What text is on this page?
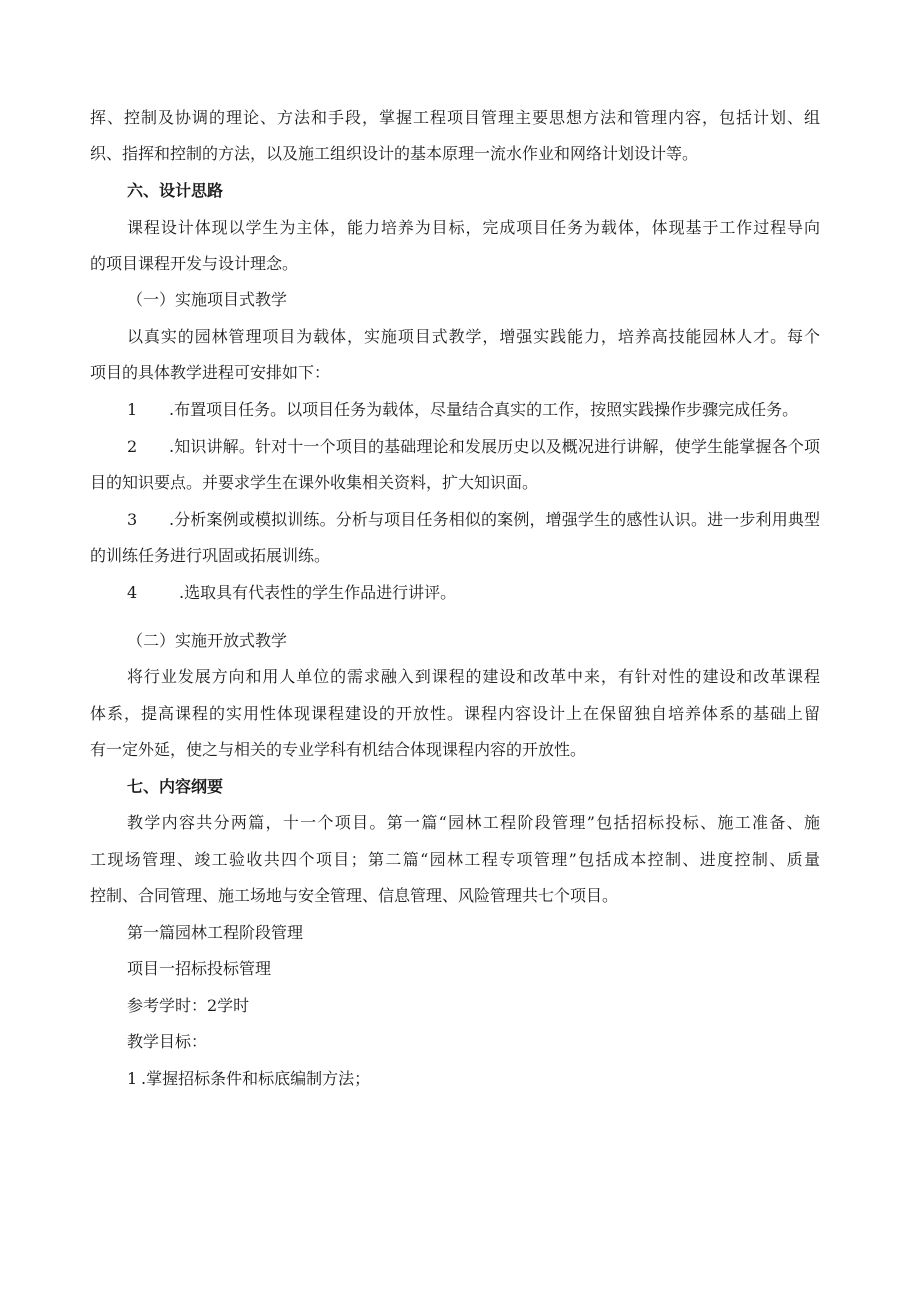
挥、控制及协调的理论、方法和手段，掌握工程项目管理主要思想方法和管理内容，包括计划、组
织、指挥和控制的方法，以及施工组织设计的基本原理一流水作业和网络计划设计等。
六、设计思路
课程设计体现以学生为主体，能力培养为目标，完成项目任务为载体，体现基于工作过程导向
的项目课程开发与设计理念。
（一）实施项目式教学
以真实的园林管理项目为载体，实施项目式教学，增强实践能力，培养高技能园林人才。每个
项目的具体教学进程可安排如下：
1 .布置项目任务。以项目任务为载体，尽量结合真实的工作，按照实践操作步骤完成任务。
2 .知识讲解。针对十一个项目的基础理论和发展历史以及概况进行讲解，使学生能掌握各个项
目的知识要点。并要求学生在课外收集相关资料，扩大知识面。
3 .分析案例或模拟训练。分析与项目任务相似的案例，增强学生的感性认识。进一步利用典型
的训练任务进行巩固或拓展训练。
4	.选取具有代表性的学生作品进行讲评。
（二）实施开放式教学
将行业发展方向和用人单位的需求融入到课程的建设和改革中来，有针对性的建设和改革课程
体系，提高课程的实用性体现课程建设的开放性。课程内容设计上在保留独自培养体系的基础上留
有一定外延，使之与相关的专业学科有机结合体现课程内容的开放性。
七、内容纲要
教学内容共分两篇，十一个项目。第一篇“园林工程阶段管理”包括招标投标、施工准备、施
工现场管理、竣工验收共四个项目；第二篇“园林工程专项管理”包括成本控制、进度控制、质量
控制、合同管理、施工场地与安全管理、信息管理、风险管理共七个项目。
第一篇园林工程阶段管理
项目一招标投标管理
参考学时：2学时
教学目标：
1 .掌握招标条件和标底编制方法；
